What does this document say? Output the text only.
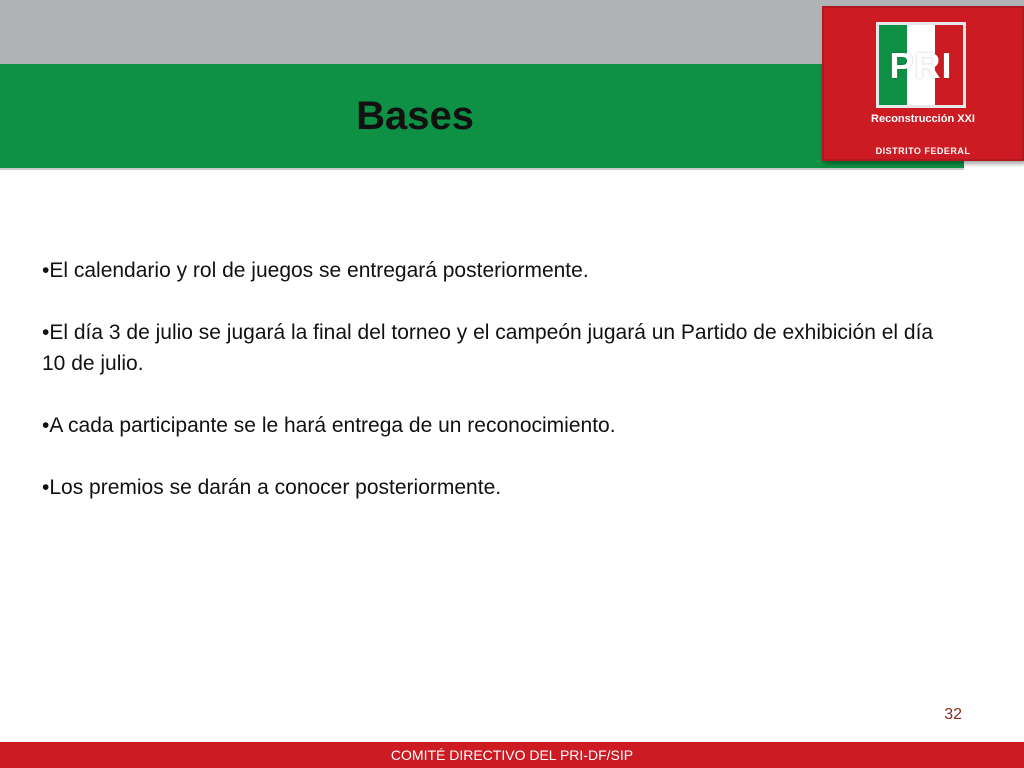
Bases
PRI
Reconstrucción XXI
DISTRITO FEDERAL
•El calendario y rol de juegos se entregará posteriormente.
•El día 3 de julio se jugará la final del torneo y el campeón jugará un Partido de exhibición el día 10 de julio.
•A cada participante se le hará entrega de un reconocimiento.
•Los premios se darán a conocer posteriormente.
32
COMITÉ DIRECTIVO DEL PRI-DF/SIP
